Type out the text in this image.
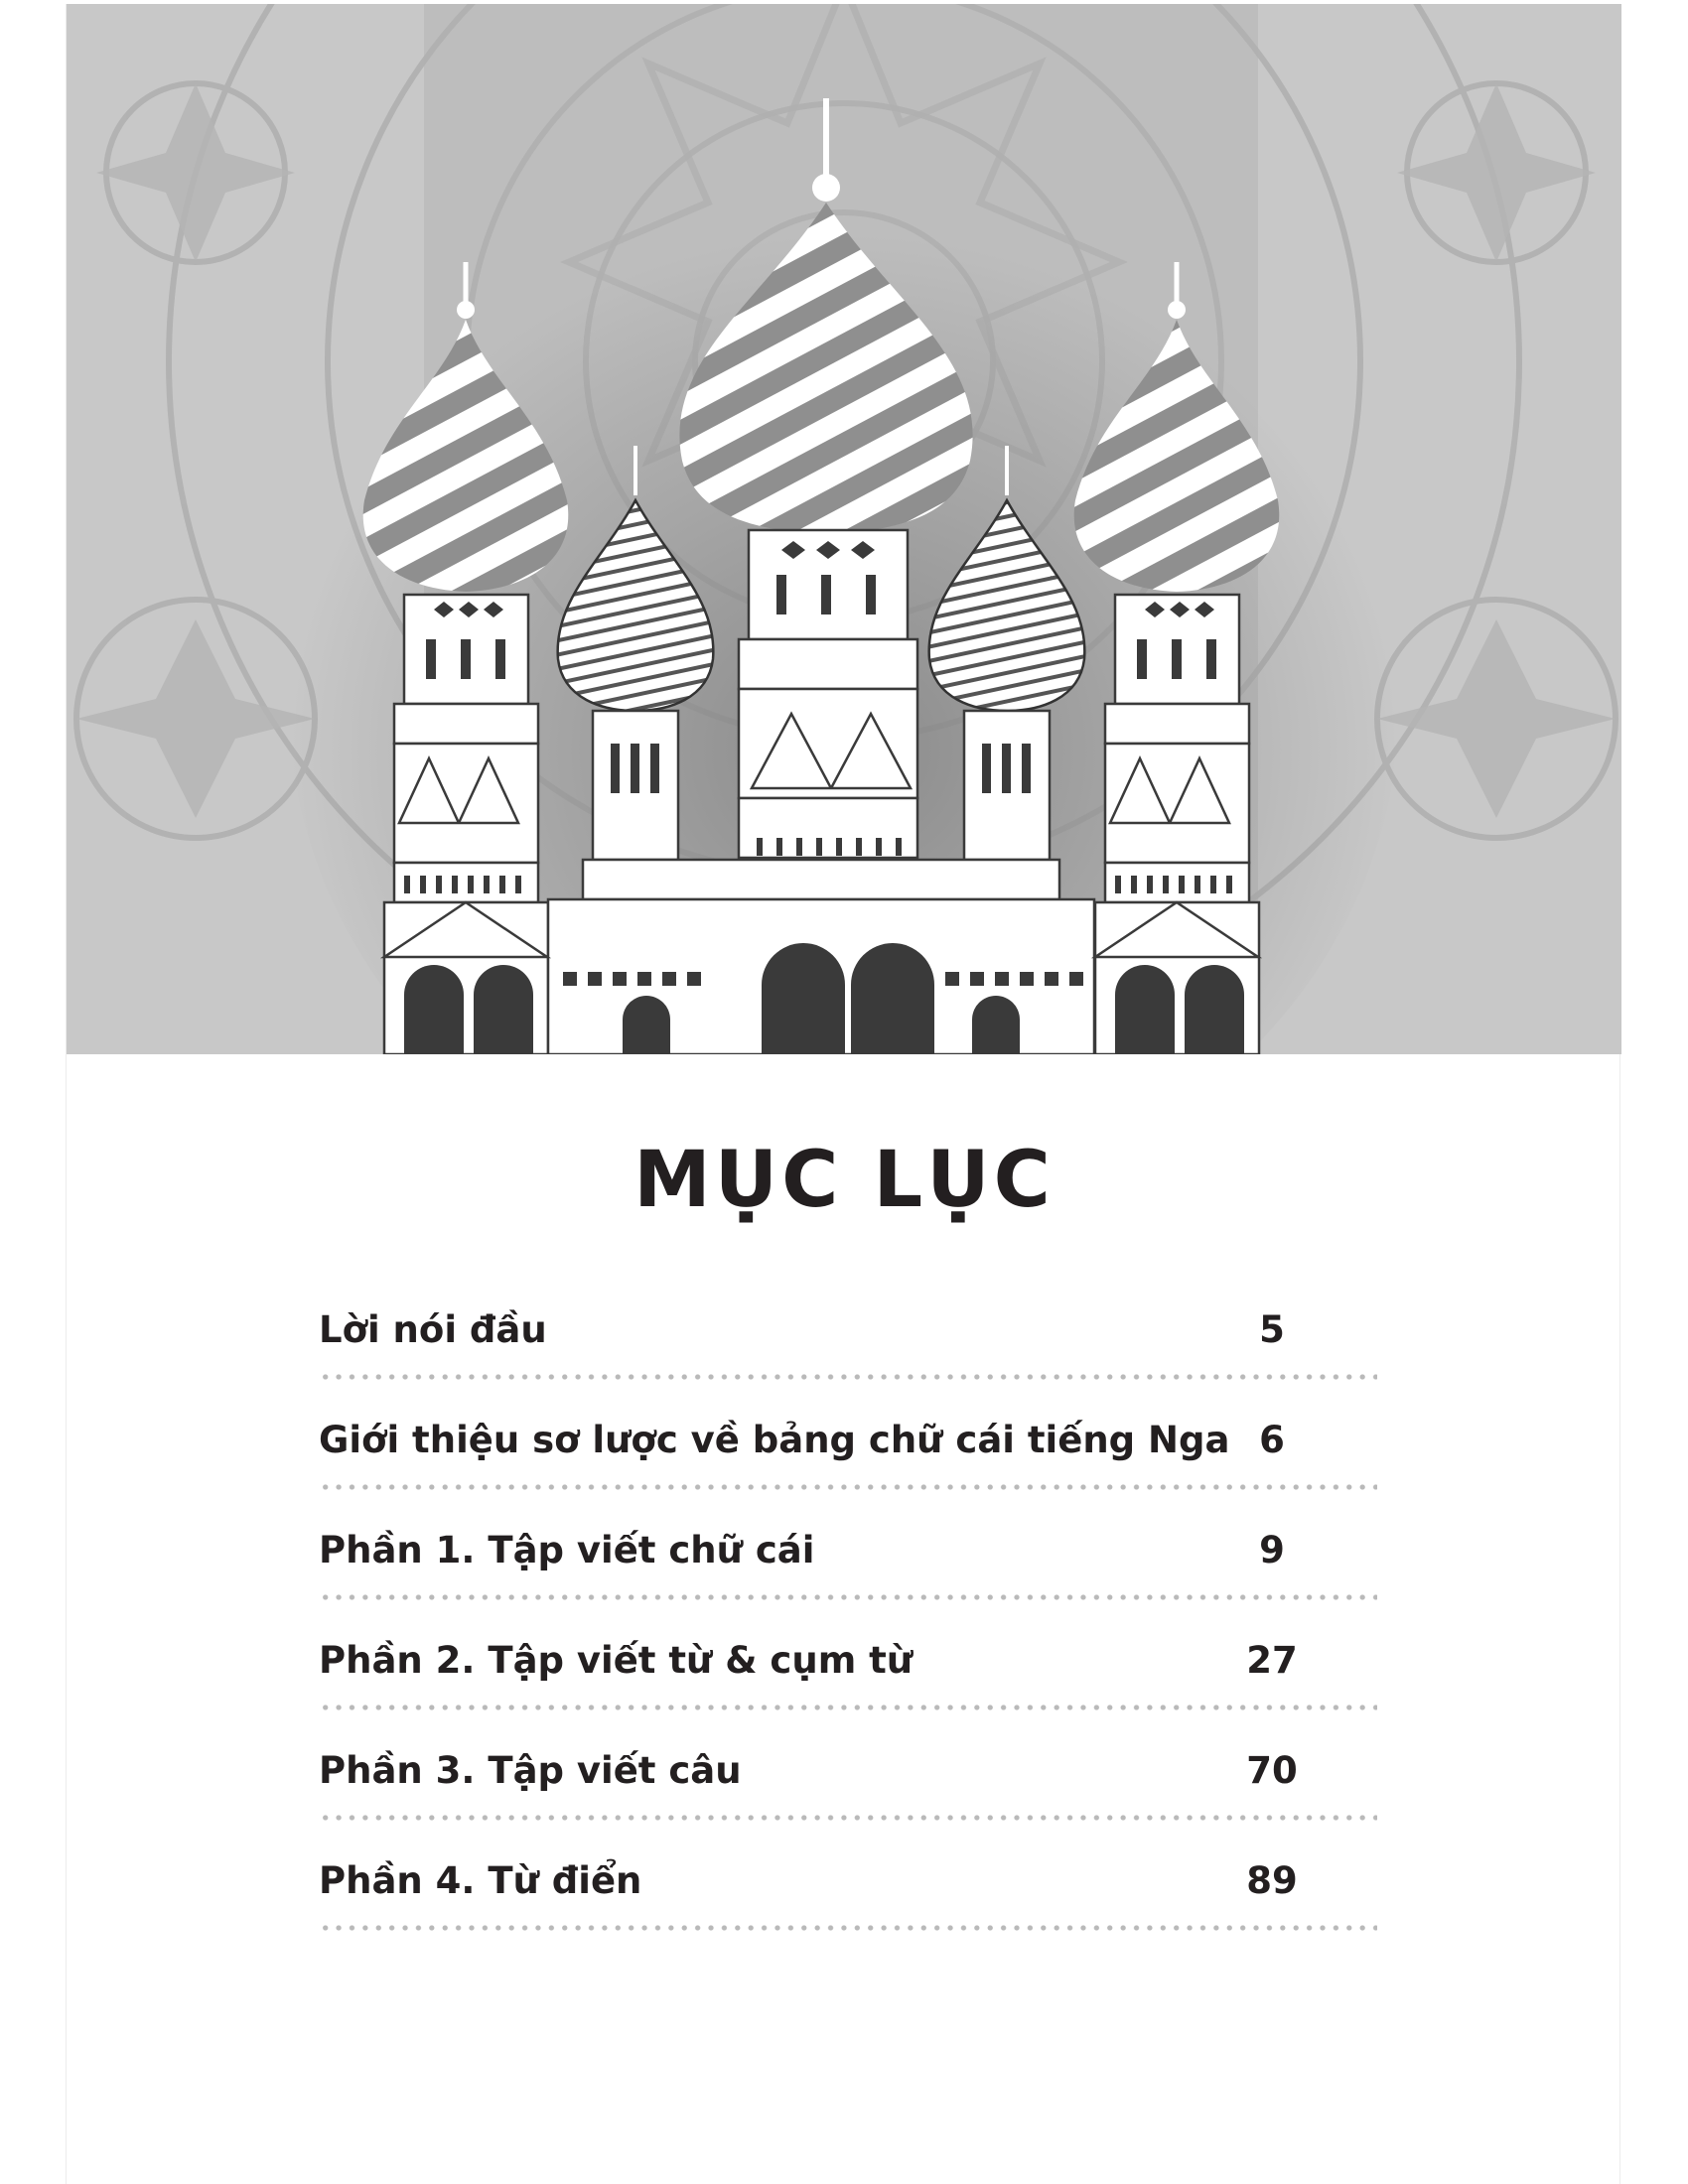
MỤC LỤC
Lời nói đầu	5
Giới thiệu sơ lược về bảng chữ cái tiếng Nga 6
Phần 1. Tập viết chữ cái	9
Phần 2. Tập viết từ & cụm từ	27
Phần 3. Tập viết câu	70
Phần 4. Từ điển	89
